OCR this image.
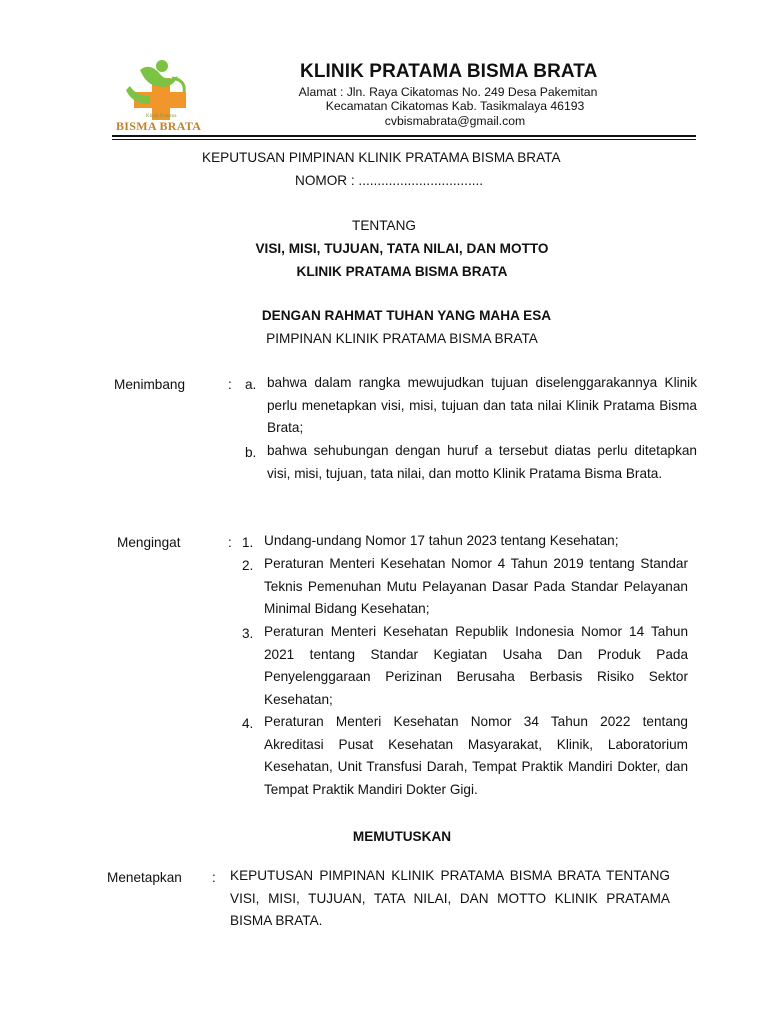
Klinik Pratama
BISMA BRATA
KLINIK PRATAMA BISMA BRATA
Alamat : Jln. Raya Cikatomas No. 249 Desa Pakemitan
Kecamatan Cikatomas Kab. Tasikmalaya 46193
cvbismabrata@gmail.com
KEPUTUSAN PIMPINAN KLINIK PRATAMA BISMA BRATA
NOMOR : .................................
TENTANG
VISI, MISI, TUJUAN, TATA NILAI, DAN MOTTO
KLINIK PRATAMA BISMA BRATA
DENGAN RAHMAT TUHAN YANG MAHA ESA
PIMPINAN KLINIK PRATAMA BISMA BRATA
Menimbang	: a. bahwa dalam rangka mewujudkan tujuan diselenggarakannya Klinik perlu menetapkan visi, misi, tujuan dan tata nilai Klinik Pratama Bisma Brata;

b. bahwa sehubungan dengan huruf a tersebut diatas perlu ditetapkan visi, misi, tujuan, tata nilai, dan motto Klinik Pratama Bisma Brata.

Mengingat	: 1. Undang-undang Nomor 17 tahun 2023 tentang Kesehatan;

2. Peraturan Menteri Kesehatan Nomor 4 Tahun 2019 tentang Standar Teknis Pemenuhan Mutu Pelayanan Dasar Pada Standar Pelayanan Minimal Bidang Kesehatan;

3. Peraturan Menteri Kesehatan Republik Indonesia Nomor 14 Tahun 2021 tentang Standar Kegiatan Usaha Dan Produk Pada Penyelenggaraan Perizinan Berusaha Berbasis Risiko Sektor Kesehatan;

4. Peraturan Menteri Kesehatan Nomor 34 Tahun 2022 tentang Akreditasi Pusat Kesehatan Masyarakat, Klinik, Laboratorium Kesehatan, Unit Transfusi Darah, Tempat Praktik Mandiri Dokter, dan Tempat Praktik Mandiri Dokter Gigi.

MEMUTUSKAN
Menetapkan : KEPUTUSAN PIMPINAN KLINIK PRATAMA BISMA BRATA TENTANG VISI, MISI, TUJUAN, TATA NILAI, DAN MOTTO KLINIK PRATAMA BISMA BRATA.
